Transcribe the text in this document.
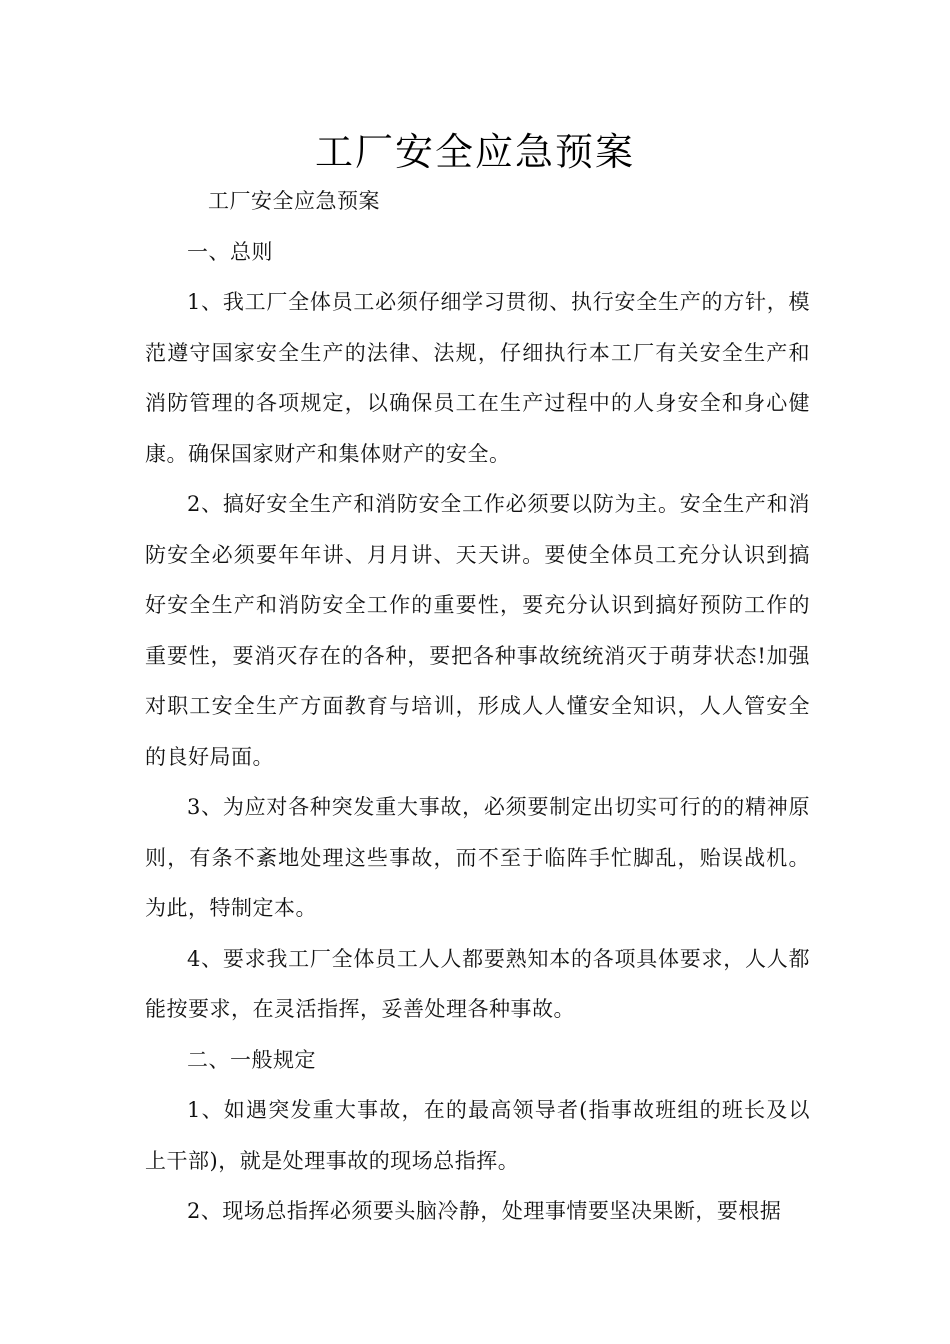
工厂安全应急预案

工厂安全应急预案

一、总则

1、我工厂全体员工必须仔细学习贯彻、执行安全生产的方针，模范遵守国家安全生产的法律、法规，仔细执行本工厂有关安全生产和消防管理的各项规定，以确保员工在生产过程中的人身安全和身心健康。确保国家财产和集体财产的安全。

2、搞好安全生产和消防安全工作必须要以防为主。安全生产和消防安全必须要年年讲、月月讲、天天讲。要使全体员工充分认识到搞好安全生产和消防安全工作的重要性，要充分认识到搞好预防工作的重要性，要消灭存在的各种，要把各种事故统统消灭于萌芽状态!加强对职工安全生产方面教育与培训，形成人人懂安全知识，人人管安全的良好局面。

3、为应对各种突发重大事故，必须要制定出切实可行的的精神原则，有条不紊地处理这些事故，而不至于临阵手忙脚乱，贻误战机。为此，特制定本。

4、要求我工厂全体员工人人都要熟知本的各项具体要求，人人都能按要求，在灵活指挥，妥善处理各种事故。

二、一般规定

1、如遇突发重大事故，在的最高领导者(指事故班组的班长及以上干部)，就是处理事故的现场总指挥。

2、现场总指挥必须要头脑冷静，处理事情要坚决果断，要根据
